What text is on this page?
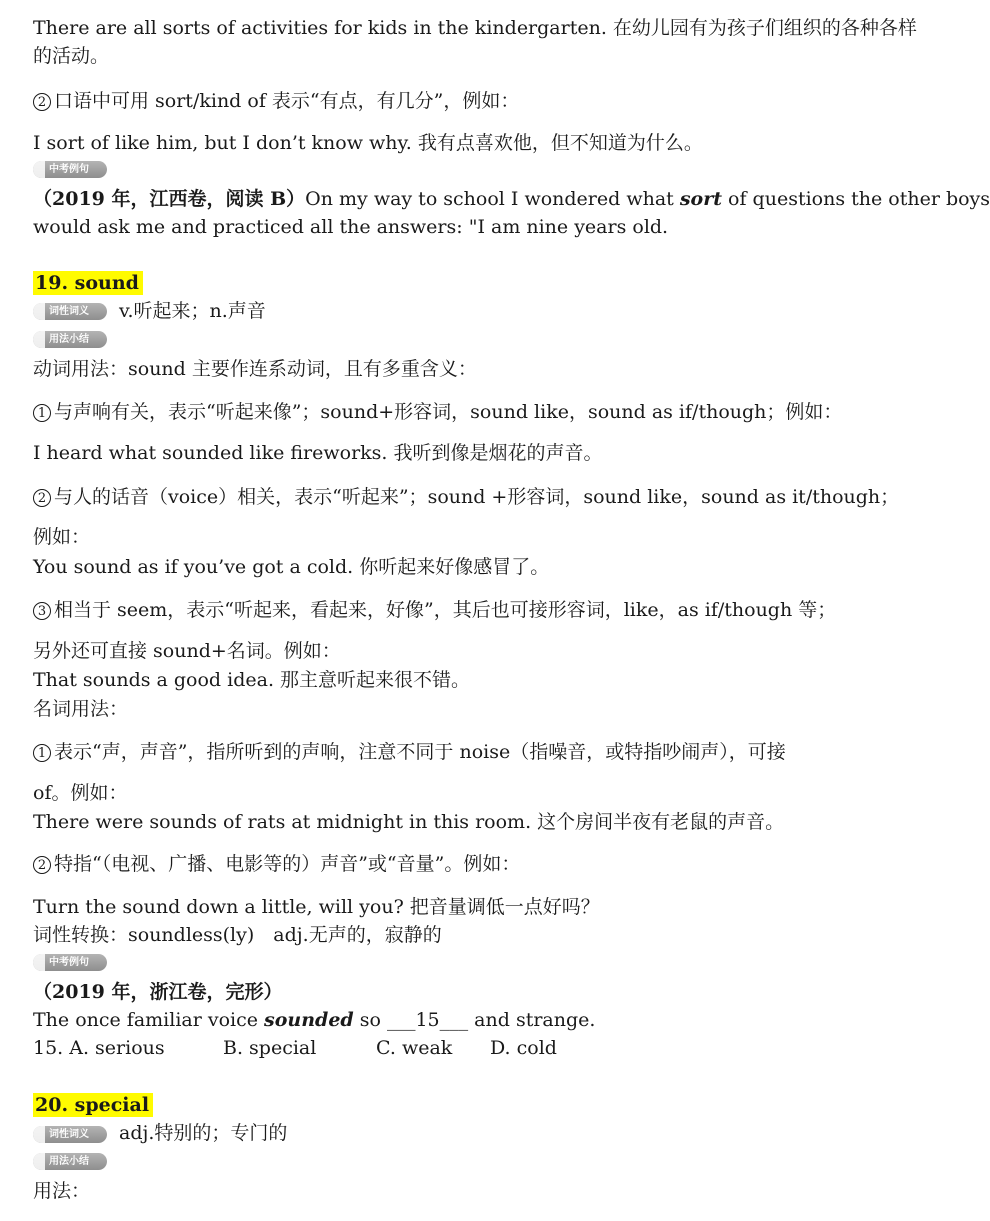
There are all sorts of activities for kids in the kindergarten. 在幼儿园有为孩子们组织的各种各样
的活动。
2 口语中可用 sort/kind of 表示“有点，有几分”，例如：
I sort of like him, but I don’t know why. 我有点喜欢他，但不知道为什么。
中考例句
（2019 年，江西卷，阅读 B）On my way to school I wondered what sort of questions the other boys
would ask me and practiced all the answers: "I am nine years old.
19. sound
词性词义	v.听起来；n.声音
用法小结
动词用法：sound 主要作连系动词，且有多重含义：
1 与声响有关，表示“听起来像”；sound+形容词，sound like，sound as if/though；例如：
I heard what sounded like fireworks. 我听到像是烟花的声音。
2 与人的话音（voice）相关，表示“听起来”；sound +形容词，sound like，sound as it/though；
例如：
You sound as if you’ve got a cold. 你听起来好像感冒了。
3 相当于 seem，表示“听起来，看起来，好像”，其后也可接形容词，like，as if/though 等；
另外还可直接 sound+名词。例如：
That sounds a good idea. 那主意听起来很不错。
名词用法：
1 表示“声，声音”，指所听到的声响，注意不同于 noise（指噪音，或特指吵闹声），可接
of。例如：
There were sounds of rats at midnight in this room. 这个房间半夜有老鼠的声音。
2 特指“（电视、广播、电影等的）声音”或“音量”。例如：
Turn the sound down a little, will you? 把音量调低一点好吗？
词性转换：soundless(ly)　adj.无声的，寂静的
中考例句
（2019 年，浙江卷，完形）
The once familiar voice sounded so ___15___ and strange.
15. A. serious	B. special	C. weak D. cold
20. special
词性词义	adj.特别的；专门的
用法小结
用法：
